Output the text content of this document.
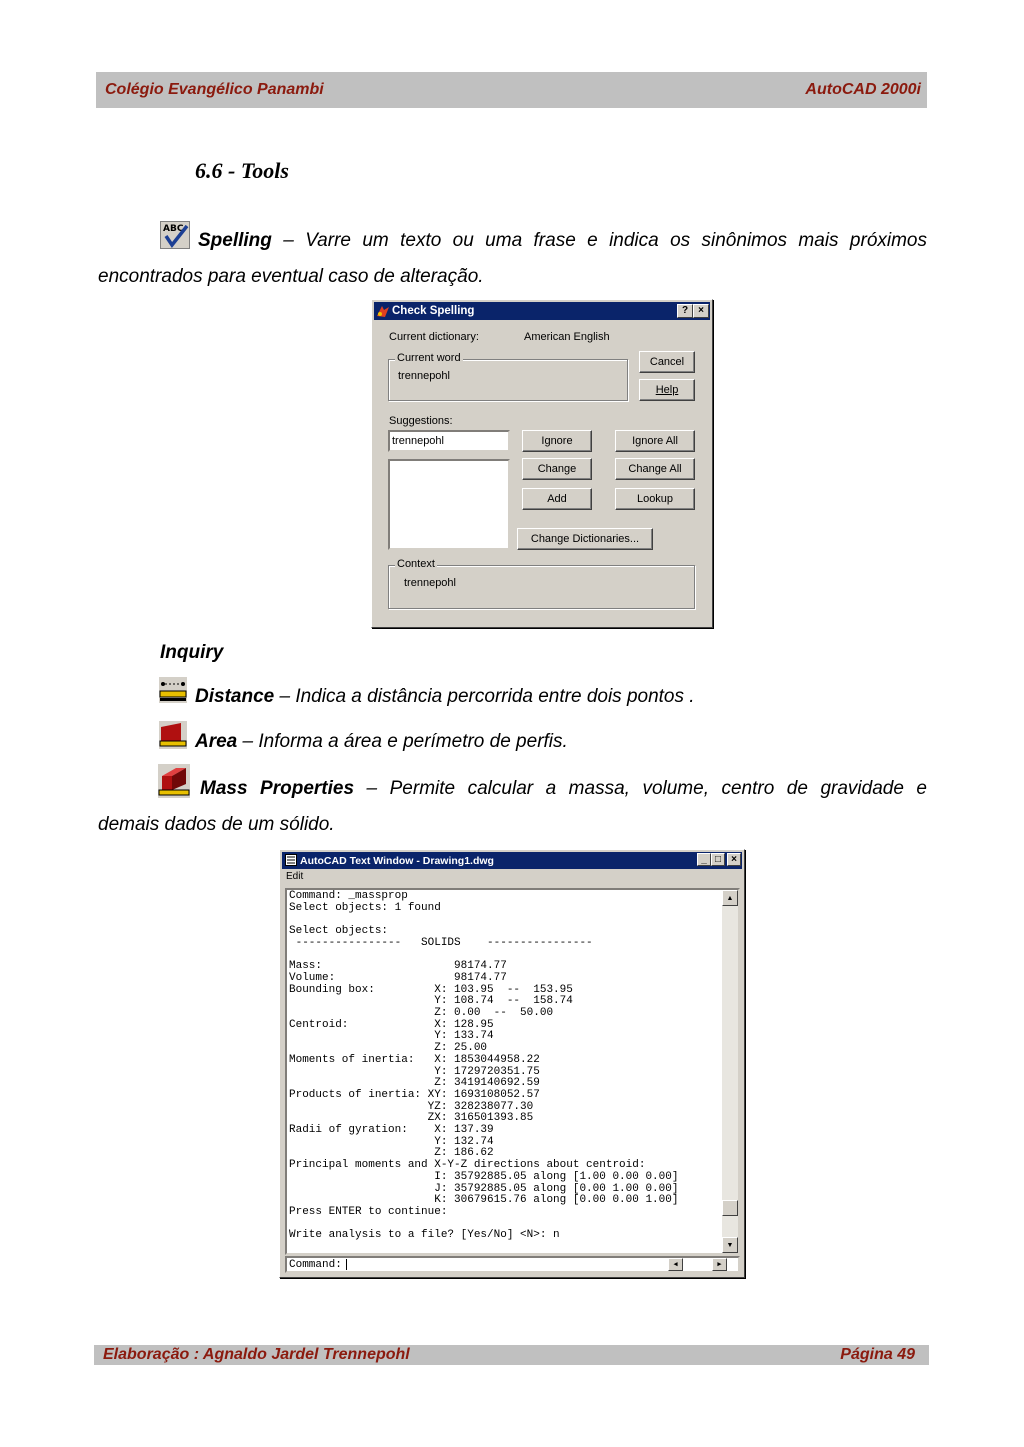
Colégio Evangélico Panambi	AutoCAD 2000i
6.6 - Tools
ABC
Spelling – Varre um texto ou uma frase e indica os sinônimos mais próximos
encontrados para eventual caso de alteração.
Check Spelling	?	×
Current dictionary:	American English
Current word
trennepohl
Cancel
Help
Suggestions:
trennepohl	Ignore	Ignore All
Change	Change All
Add	Lookup
Change Dictionaries...
Context
trennepohl
Inquiry
Distance – Indica a distância percorrida entre dois pontos .
Area – Informa a área e perímetro de perfis.
Mass Properties – Permite calcular a massa, volume, centro de gravidade e
demais dados de um sólido.
AutoCAD Text Window - Drawing1.dwg	_ □	×
Edit
Command: _massprop
Select objects: 1 found

Select objects:
----------------   SOLIDS    ----------------

Mass:                    98174.77
Volume:                  98174.77
Bounding box:         X: 103.95  --  153.95
Y: 108.74  --  158.74
Z: 0.00  --  50.00
Centroid:             X: 128.95
Y: 133.74
Z: 25.00
Moments of inertia:   X: 1853044958.22
Y: 1729720351.75
Z: 3419140692.59
Products of inertia: XY: 1693108052.57
YZ: 328238077.30
ZX: 316501393.85
Radii of gyration:    X: 137.39
Y: 132.74
Z: 186.62
Principal moments and X-Y-Z directions about centroid:
I: 35792885.05 along [1.00 0.00 0.00]
J: 35792885.05 along [0.00 1.00 0.00]
K: 30679615.76 along [0.00 0.00 1.00]
Press ENTER to continue:

Write analysis to a file? [Yes/No] <N>: n
▲
▼
Command:	◀	▶
Elaboração : Agnaldo Jardel Trennepohl	Página 49
